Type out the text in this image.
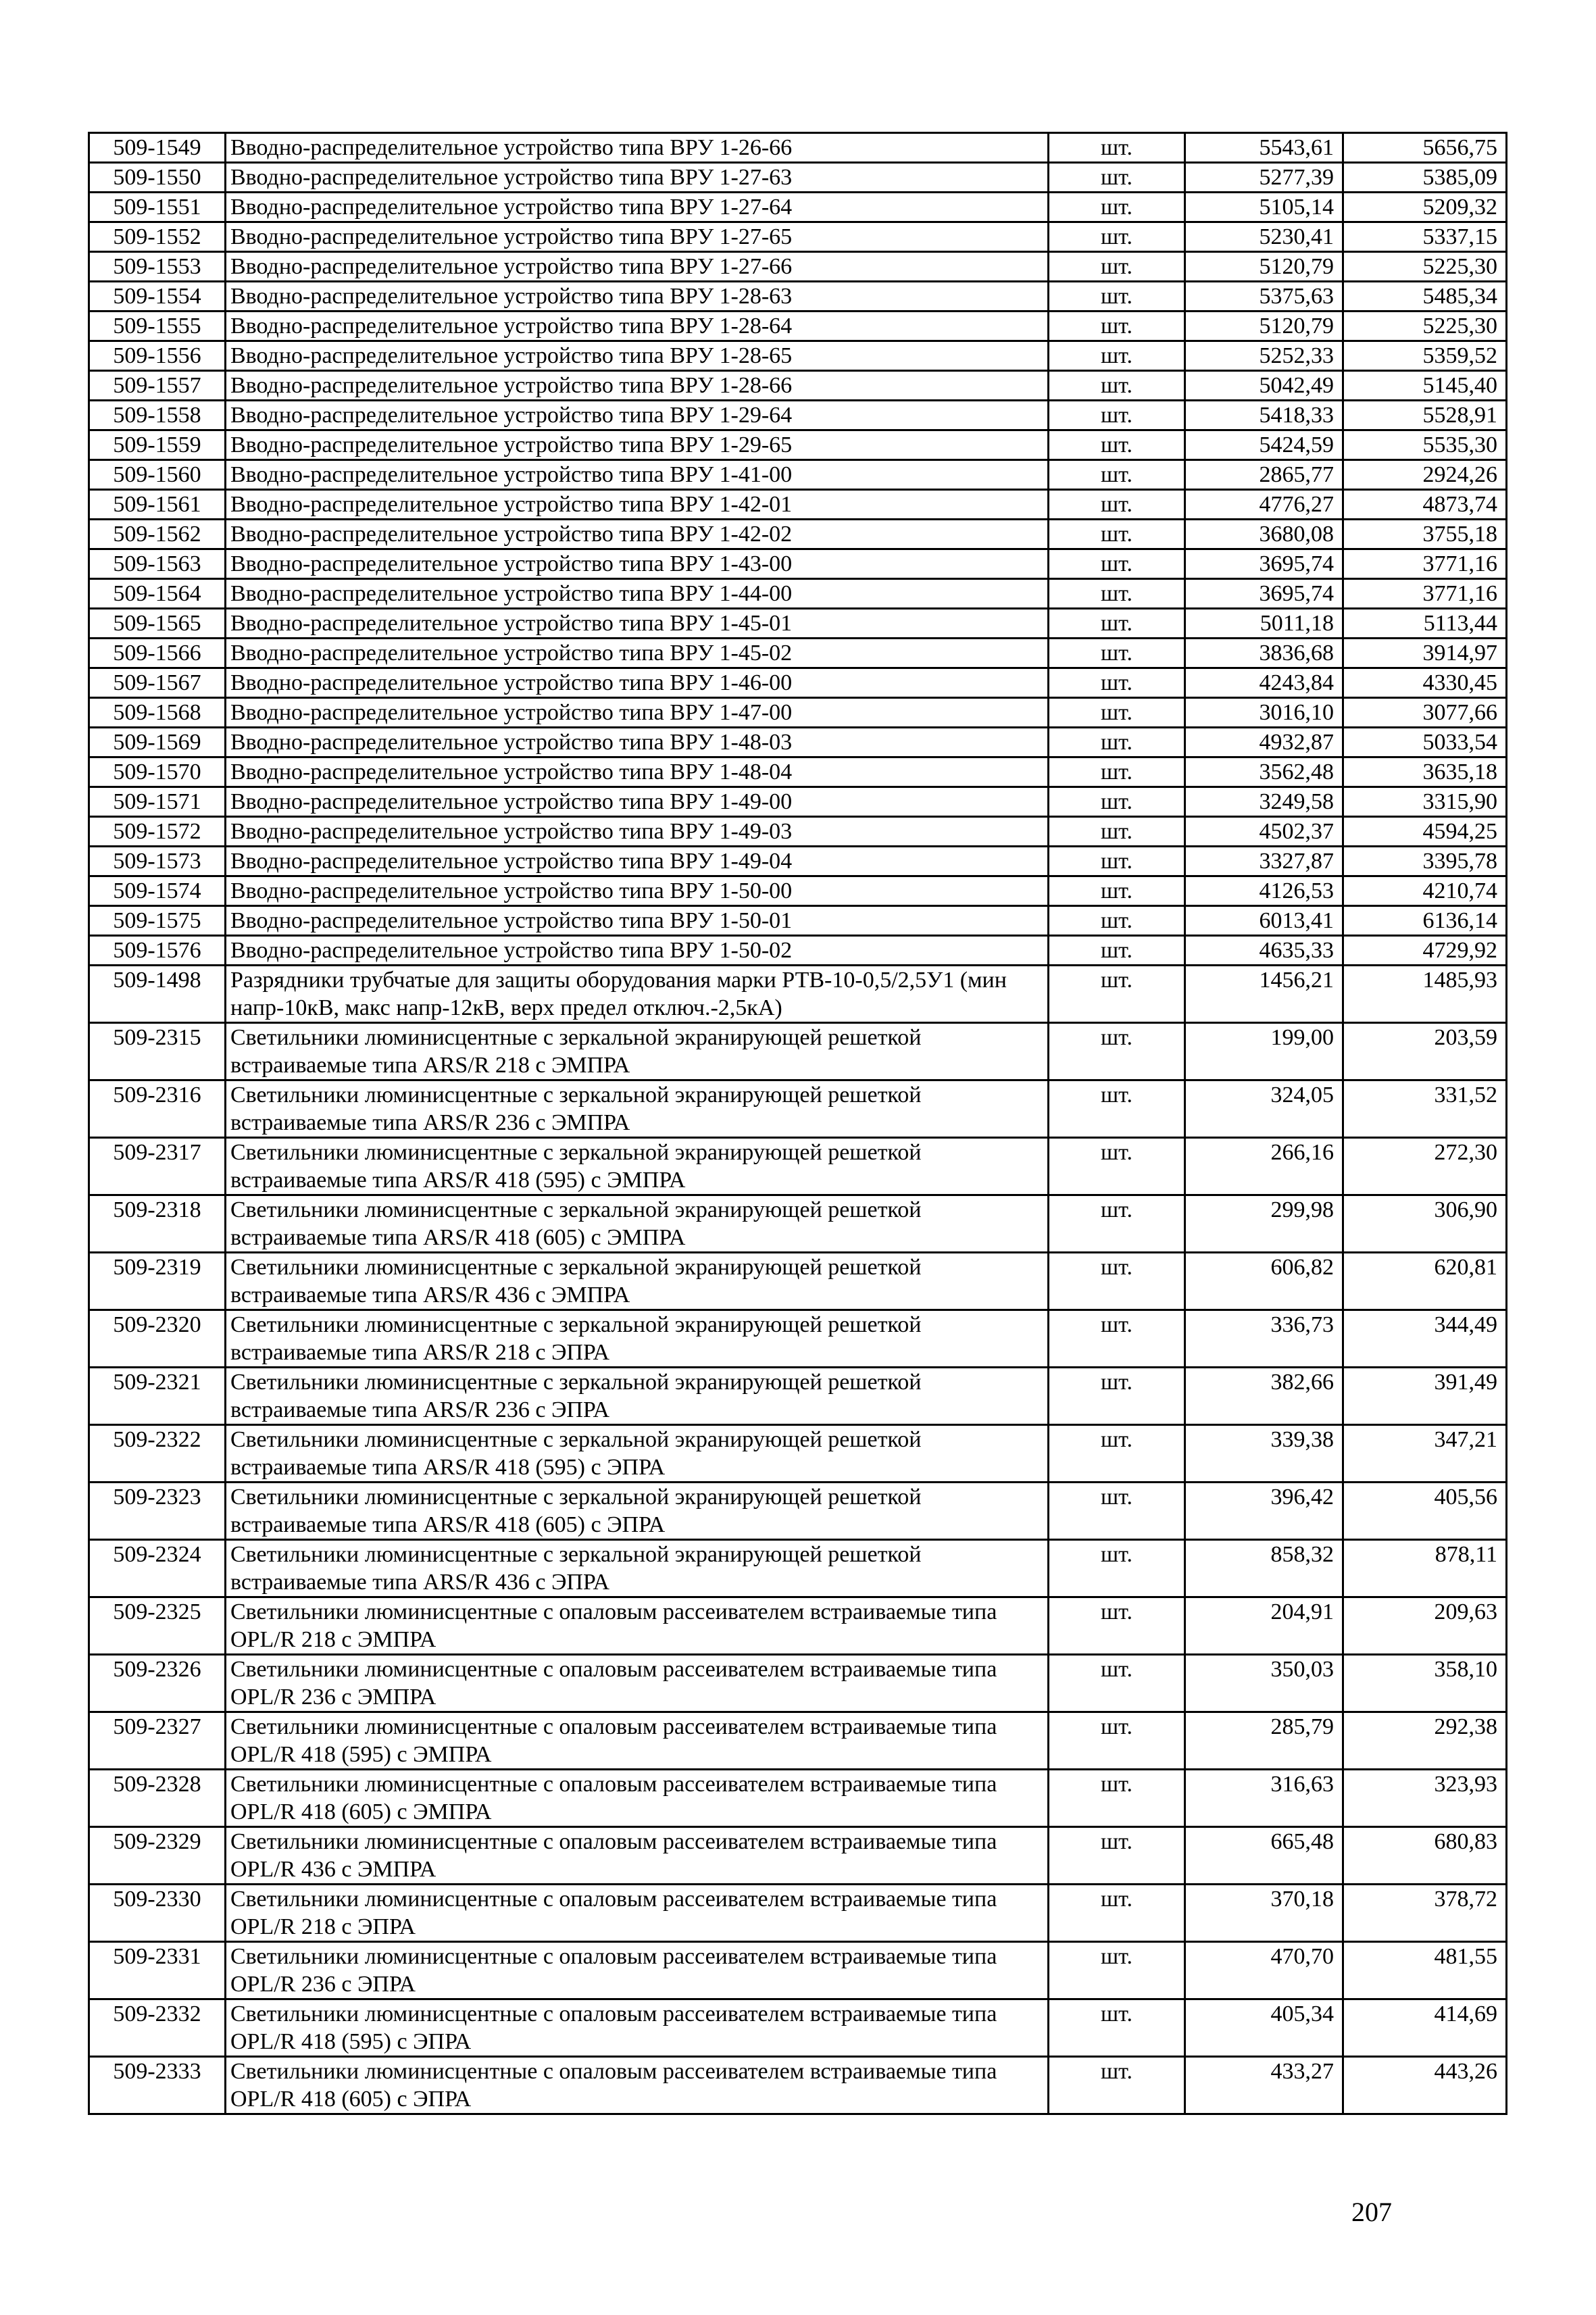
509-1549	Вводно-распределительное устройство типа ВРУ 1-26-66	шт.	5543,61	5656,75
509-1550	Вводно-распределительное устройство типа ВРУ 1-27-63	шт.	5277,39	5385,09
509-1551	Вводно-распределительное устройство типа ВРУ 1-27-64	шт.	5105,14	5209,32
509-1552	Вводно-распределительное устройство типа ВРУ 1-27-65	шт.	5230,41	5337,15
509-1553	Вводно-распределительное устройство типа ВРУ 1-27-66	шт.	5120,79	5225,30
509-1554	Вводно-распределительное устройство типа ВРУ 1-28-63	шт.	5375,63	5485,34
509-1555	Вводно-распределительное устройство типа ВРУ 1-28-64	шт.	5120,79	5225,30
509-1556	Вводно-распределительное устройство типа ВРУ 1-28-65	шт.	5252,33	5359,52
509-1557	Вводно-распределительное устройство типа ВРУ 1-28-66	шт.	5042,49	5145,40
509-1558	Вводно-распределительное устройство типа ВРУ 1-29-64	шт.	5418,33	5528,91
509-1559	Вводно-распределительное устройство типа ВРУ 1-29-65	шт.	5424,59	5535,30
509-1560	Вводно-распределительное устройство типа ВРУ 1-41-00	шт.	2865,77	2924,26
509-1561	Вводно-распределительное устройство типа ВРУ 1-42-01	шт.	4776,27	4873,74
509-1562	Вводно-распределительное устройство типа ВРУ 1-42-02	шт.	3680,08	3755,18
509-1563	Вводно-распределительное устройство типа ВРУ 1-43-00	шт.	3695,74	3771,16
509-1564	Вводно-распределительное устройство типа ВРУ 1-44-00	шт.	3695,74	3771,16
509-1565	Вводно-распределительное устройство типа ВРУ 1-45-01	шт.	5011,18	5113,44
509-1566	Вводно-распределительное устройство типа ВРУ 1-45-02	шт.	3836,68	3914,97
509-1567	Вводно-распределительное устройство типа ВРУ 1-46-00	шт.	4243,84	4330,45
509-1568	Вводно-распределительное устройство типа ВРУ 1-47-00	шт.	3016,10	3077,66
509-1569	Вводно-распределительное устройство типа ВРУ 1-48-03	шт.	4932,87	5033,54
509-1570	Вводно-распределительное устройство типа ВРУ 1-48-04	шт.	3562,48	3635,18
509-1571	Вводно-распределительное устройство типа ВРУ 1-49-00	шт.	3249,58	3315,90
509-1572	Вводно-распределительное устройство типа ВРУ 1-49-03	шт.	4502,37	4594,25
509-1573	Вводно-распределительное устройство типа ВРУ 1-49-04	шт.	3327,87	3395,78
509-1574	Вводно-распределительное устройство типа ВРУ 1-50-00	шт.	4126,53	4210,74
509-1575	Вводно-распределительное устройство типа ВРУ 1-50-01	шт.	6013,41	6136,14
509-1576	Вводно-распределительное устройство типа ВРУ 1-50-02	шт.	4635,33	4729,92
509-1498	Разрядники трубчатые для защиты оборудования марки РТВ-10-0,5/2,5У1 (мин напр-10кВ, макс напр-12кВ, верх предел отключ.-2,5кА)	шт.	1456,21	1485,93
509-2315	Светильники люминисцентные с зеркальной экранирующей решеткой встраиваемые типа ARS/R 218 с ЭМПРА	шт.	199,00	203,59
509-2316	Светильники люминисцентные с зеркальной экранирующей решеткой встраиваемые типа ARS/R 236 с ЭМПРА	шт.	324,05	331,52
509-2317	Светильники люминисцентные с зеркальной экранирующей решеткой встраиваемые типа ARS/R 418 (595) с ЭМПРА	шт.	266,16	272,30
509-2318	Светильники люминисцентные с зеркальной экранирующей решеткой встраиваемые типа ARS/R 418 (605) с ЭМПРА	шт.	299,98	306,90
509-2319	Светильники люминисцентные с зеркальной экранирующей решеткой встраиваемые типа ARS/R 436 с ЭМПРА	шт.	606,82	620,81
509-2320	Светильники люминисцентные с зеркальной экранирующей решеткой встраиваемые типа ARS/R 218 с ЭПРА	шт.	336,73	344,49
509-2321	Светильники люминисцентные с зеркальной экранирующей решеткой встраиваемые типа ARS/R 236 с ЭПРА	шт.	382,66	391,49
509-2322	Светильники люминисцентные с зеркальной экранирующей решеткой встраиваемые типа ARS/R 418 (595) с ЭПРА	шт.	339,38	347,21
509-2323	Светильники люминисцентные с зеркальной экранирующей решеткой встраиваемые типа ARS/R 418 (605) с ЭПРА	шт.	396,42	405,56
509-2324	Светильники люминисцентные с зеркальной экранирующей решеткой встраиваемые типа ARS/R 436 с ЭПРА	шт.	858,32	878,11
509-2325	Светильники люминисцентные с опаловым рассеивателем встраиваемые типа OPL/R 218 с ЭМПРА	шт.	204,91	209,63
509-2326	Светильники люминисцентные с опаловым рассеивателем встраиваемые типа OPL/R 236 с ЭМПРА	шт.	350,03	358,10
509-2327	Светильники люминисцентные с опаловым рассеивателем встраиваемые типа OPL/R 418 (595) с ЭМПРА	шт.	285,79	292,38
509-2328	Светильники люминисцентные с опаловым рассеивателем встраиваемые типа OPL/R 418 (605) с ЭМПРА	шт.	316,63	323,93
509-2329	Светильники люминисцентные с опаловым рассеивателем встраиваемые типа OPL/R 436 с ЭМПРА	шт.	665,48	680,83
509-2330	Светильники люминисцентные с опаловым рассеивателем встраиваемые типа OPL/R 218 с ЭПРА	шт.	370,18	378,72
509-2331	Светильники люминисцентные с опаловым рассеивателем встраиваемые типа OPL/R 236 с ЭПРА	шт.	470,70	481,55
509-2332	Светильники люминисцентные с опаловым рассеивателем встраиваемые типа OPL/R 418 (595) с ЭПРА	шт.	405,34	414,69
509-2333	Светильники люминисцентные с опаловым рассеивателем встраиваемые типа OPL/R 418 (605) с ЭПРА	шт.	433,27	443,26
207
